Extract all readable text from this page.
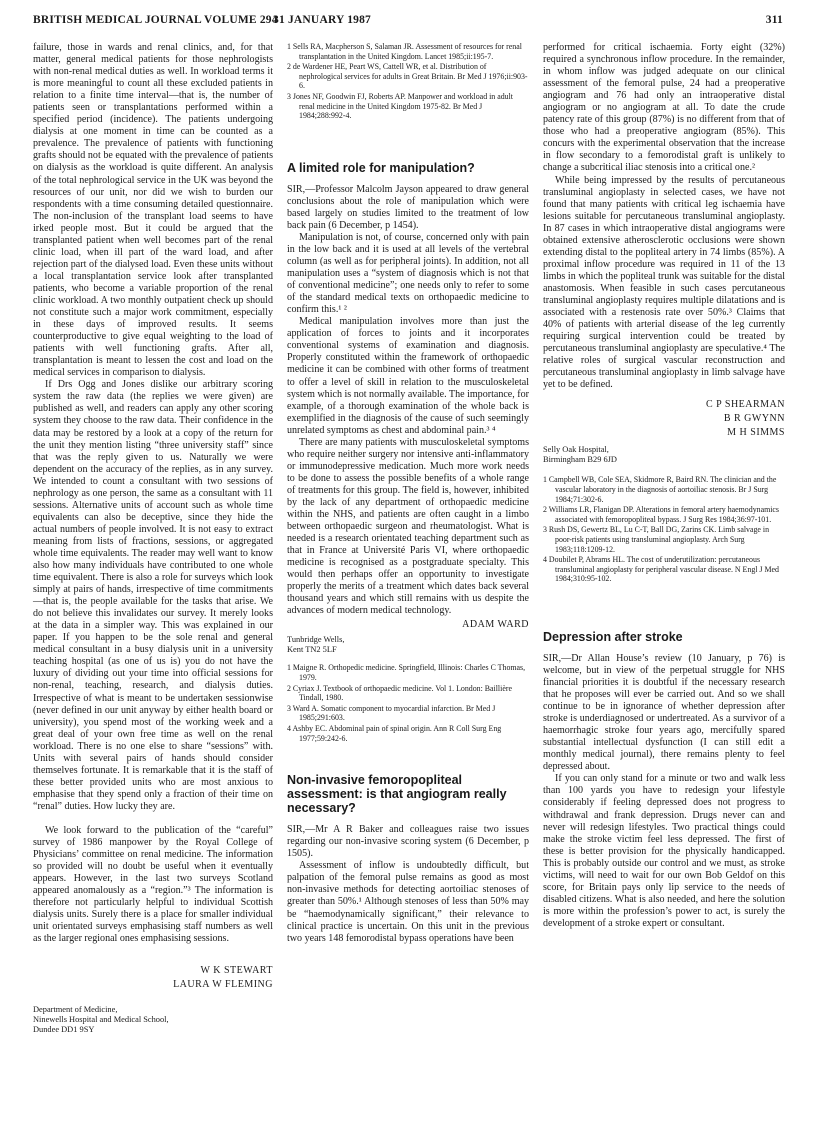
BRITISH MEDICAL JOURNAL VOLUME 294
31 JANUARY 1987	311

failure, those in wards and renal clinics, and, for that matter, general medical patients for those nephrologists with non-renal medical duties as well. In workload terms it is more meaningful to count all these excluded patients in relation to a finite time interval—that is, the number of patients seen or transplantations performed within a specified period (incidence). The patients undergoing dialysis at one moment in time can be counted as a prevalence. The prevalence of patients with functioning grafts should not be equated with the prevalence of patients on dialysis as the workload is quite different. An analysis of the total nephrological service in the UK was beyond the resources of our unit, nor did we wish to burden our respondents with a time consuming detailed questionnaire. The non-inclusion of the transplant load seems to have irked people most. But it could be argued that the transplanted patient when well becomes part of the renal clinic load, when ill part of the ward load, and after rejection part of the dialysed load. Even these units without a local transplantation service look after transplanted patients, who become a variable proportion of the renal clinic workload. A two monthly outpatient check up should not constitute such a major work commitment, especially in these days of improved results. It seems counterproductive to give equal weighting to the load of patients with well functioning grafts. After all, transplantation is meant to lessen the cost and load on the medical services in comparison to dialysis.

If Drs Ogg and Jones dislike our arbitrary scoring system the raw data (the replies we were given) are published as well, and readers can apply any other scoring system they choose to the raw data. Their confidence in the data may be restored by a look at a copy of the return for the unit they mention listing “three university staff” since that was the reply given to us. Naturally we were dependent on the accuracy of the replies, as in any survey. We intended to count a consultant with two sessions of nephrology as one person, the same as a consultant with 11 sessions. Alternative units of account such as whole time equivalents can also be deceptive, since they hide the actual numbers of people involved. It is not easy to extract meaning from lists of fractions, sessions, or aggregated whole time equivalents. The reader may well want to know also how many individuals have contributed to one whole time equivalent. There is also a role for surveys which look simply at pairs of hands, irrespective of time commitments—that is, the people available for the tasks that arise. We do not believe this invalidates our survey. It merely looks at the data in a simpler way. This was explained in our paper. If you happen to be the sole renal and general medical consultant in a busy dialysis unit in a university teaching hospital (as one of us is) you do not have the luxury of dividing out your time into official sessions for non-renal, teaching, research, and dialysis duties. Irrespective of what is meant to be undertaken sessionwise (never defined in our unit anyway by either health board or university), you spend most of the working week and a great deal of your own free time as well on the renal workload. There is no one else to share “sessions” with. Units with several pairs of hands should consider themselves fortunate. It is remarkable that it is the staff of these better provided units who are most anxious to emphasise that they spend only a fraction of their time on “renal” duties. How lucky they are.

We look forward to the publication of the “careful” survey of 1986 manpower by the Royal College of Physicians’ committee on renal medicine. The information so provided will no doubt be useful when it eventually appears. However, in the last two surveys Scotland appeared anomalously as a “region.”³ The information is therefore not particularly helpful to individual Scottish dialysis units. Surely there is a place for smaller individual unit orientated surveys emphasising staff numbers as well as the larger regional ones emphasising sessions.

W K STEWART
LAURA W FLEMING
Department of Medicine,
Ninewells Hospital and Medical School,
Dundee DD1 9SY
1 Sells RA, Macpherson S, Salaman JR. Assessment of resources for renal transplantation in the United Kingdom. Lancet 1985;ii:195-7.
2 de Wardener HE, Peart WS, Cattell WR, et al. Distribution of nephrological services for adults in Great Britain. Br Med J 1976;ii:903-6.
3 Jones NF, Goodwin FJ, Roberts AP. Manpower and workload in adult renal medicine in the United Kingdom 1975-82. Br Med J 1984;288:992-4.
A limited role for manipulation?

SIR,—Professor Malcolm Jayson appeared to draw general conclusions about the role of manipulation which were based largely on studies limited to the treatment of low back pain (6 December, p 1454).

Manipulation is not, of course, concerned only with pain in the low back and it is used at all levels of the vertebral column (as well as for peripheral joints). In addition, not all manipulation uses a “system of diagnosis which is not that of conventional medicine”; one needs only to refer to some of the standard medical texts on orthopaedic medicine to confirm this.¹ ²

Medical manipulation involves more than just the application of forces to joints and it incorporates conventional systems of examination and diagnosis. Properly constituted within the framework of orthopaedic medicine it can be combined with other forms of treatment to offer a level of skill in relation to the musculoskeletal system which is not normally available. The importance, for example, of a thorough examination of the whole back is exemplified in the diagnosis of the cause of such seemingly unrelated symptoms as chest and abdominal pain.³ ⁴

There are many patients with musculoskeletal symptoms who require neither surgery nor intensive anti-inflammatory or immunodepressive medication. Much more work needs to be done to assess the possible benefits of a whole range of treatments for this group. The field is, however, inhibited by the lack of any department of orthopaedic medicine within the NHS, and patients are often caught in a limbo between orthopaedic surgeon and rheumatologist. What is needed is a research orientated teaching department such as that in France at Université Paris VI, where orthopaedic medicine is recognised as a postgraduate specialty. This would then perhaps offer an opportunity to investigate properly the merits of a treatment which dates back several thousand years and which still remains with us despite the advances of modern medical technology.

ADAM WARD
Tunbridge Wells,
Kent TN2 5LF
1 Maigne R. Orthopedic medicine. Springfield, Illinois: Charles C Thomas, 1979.
2 Cyriax J. Textbook of orthopaedic medicine. Vol 1. London: Baillière Tindall, 1980.
3 Ward A. Somatic component to myocardial infarction. Br Med J 1985;291:603.
4 Ashby EC. Abdominal pain of spinal origin. Ann R Coll Surg Eng 1977;59:242-6.
Non-invasive femoropopliteal assessment: is that angiogram really necessary?

SIR,—Mr A R Baker and colleagues raise two issues regarding our non-invasive scoring system (6 December, p 1505).

Assessment of inflow is undoubtedly difficult, but palpation of the femoral pulse remains as good as most non-invasive methods for detecting aortoiliac stenoses of greater than 50%.¹ Although stenoses of less than 50% may be “haemodynamically significant,” their relevance to clinical practice is uncertain. On this unit in the previous two years 148 femorodistal bypass operations have been

performed for critical ischaemia. Forty eight (32%) required a synchronous inflow procedure. In the remainder, in whom inflow was judged adequate on our clinical assessment of the femoral pulse, 24 had a preoperative angiogram and 76 had only an intraoperative distal angiogram or no angiogram at all. To date the crude patency rate of this group (87%) is no different from that of those who had a preoperative angiogram (85%). This concurs with the experimental observation that the increase in flow secondary to a femorodistal graft is unlikely to change a subcritical iliac stenosis into a critical one.²

While being impressed by the results of percutaneous transluminal angioplasty in selected cases, we have not found that many patients with critical leg ischaemia have lesions suitable for percutaneous transluminal angioplasty. In 87 cases in which intraoperative distal angiograms were obtained extensive atherosclerotic occlusions were shown extending distal to the popliteal artery in 74 limbs (85%). A proximal inflow procedure was required in 11 of the 13 limbs in which the popliteal trunk was suitable for the distal anastomosis. When feasible in such cases percutaneous transluminal angioplasty requires multiple dilatations and is associated with a restenosis rate over 50%.³ Claims that 40% of patients with arterial disease of the leg currently requiring surgical intervention could be treated by percutaneous transluminal angioplasty are speculative.⁴ The relative roles of surgical vascular reconstruction and percutaneous transluminal angioplasty in limb salvage have yet to be defined.

C P SHEARMAN
B R GWYNN
M H SIMMS
Selly Oak Hospital,
Birmingham B29 6JD
1 Campbell WB, Cole SEA, Skidmore R, Baird RN. The clinician and the vascular laboratory in the diagnosis of aortoiliac stenosis. Br J Surg 1984;71:302-6.
2 Williams LR, Flanigan DP. Alterations in femoral artery haemodynamics associated with femoropopliteal bypass. J Surg Res 1984;36:97-101.
3 Rush DS, Gewertz BL, Lu C-T, Ball DG, Zarins CK. Limb salvage in poor-risk patients using transluminal angioplasty. Arch Surg 1983;118:1209-12.
4 Doubilet P, Abrams HL. The cost of underutilization: percutaneous transluminal angioplasty for peripheral vascular disease. N Engl J Med 1984;310:95-102.
Depression after stroke

SIR,—Dr Allan House’s review (10 January, p 76) is welcome, but in view of the perpetual struggle for NHS financial priorities it is doubtful if the necessary research that he proposes will ever be carried out. And so we shall continue to be in ignorance of whether depression after stroke is underdiagnosed or undertreated. As a survivor of a haemorrhagic stroke four years ago, mercifully spared substantial intellectual dysfunction (I can still edit a monthly medical journal), there remains plenty to feel depressed about.

If you can only stand for a minute or two and walk less than 100 yards you have to redesign your lifestyle considerably if feeling depressed does not progress to withdrawal and frank depression. Drugs never can and never will redesign lifestyles. Two practical things could make the stroke victim feel less depressed. The first of these is better provision for the physically handicapped. This is probably outside our control and we must, as stroke victims, will need to wait for our own Bob Geldof on this score, for Britain pays only lip service to the needs of disabled citizens. What is also needed, and here the solution is more within the profession’s power to act, is surely the development of a stroke expert or consultant.
